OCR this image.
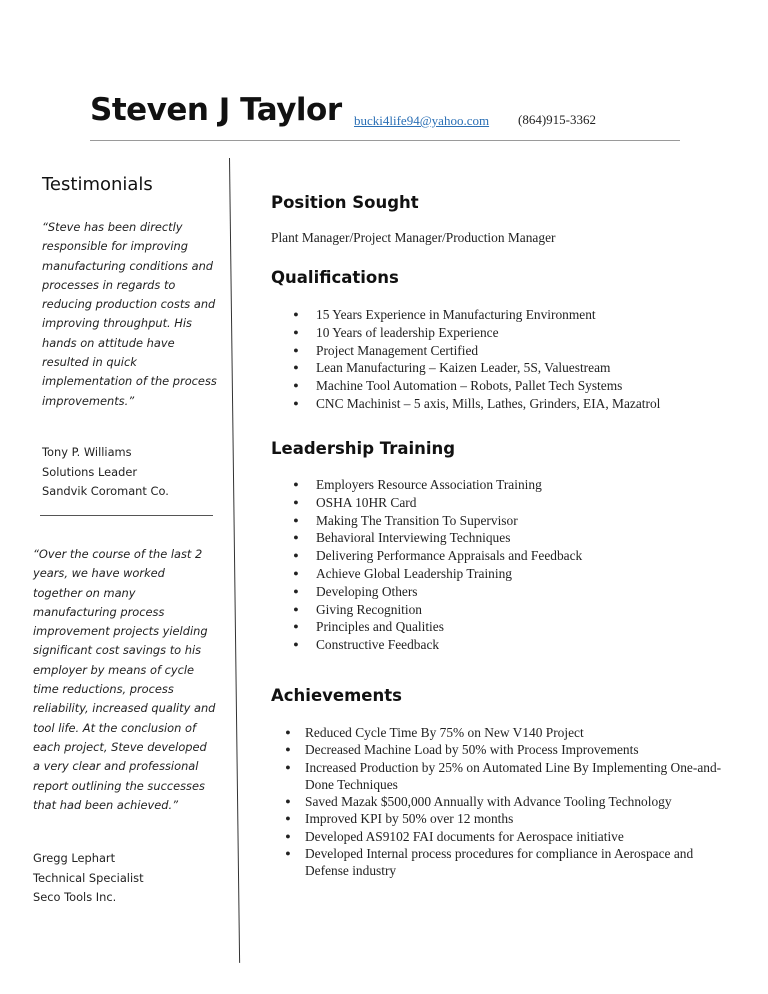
Steven J Taylor bucki4life94@yahoo.com (864)915-3362
Testimonials

“Steve has been directly responsible for improving manufacturing conditions and processes in regards to reducing production costs and improving throughput. His hands on attitude have resulted in quick implementation of the process improvements.”

Tony P. Williams
Solutions Leader
Sandvik Coromant Co.

“Over the course of the last 2 years, we have worked together on many manufacturing process improvement projects yielding significant cost savings to his employer by means of cycle time reductions, process reliability, increased quality and tool life. At the conclusion of each project, Steve developed a very clear and professional report outlining the successes that had been achieved.”

Gregg Lephart
Technical Specialist
Seco Tools Inc.
Position Sought
Plant Manager/Project Manager/Production Manager
Qualifications
● 15 Years Experience in Manufacturing Environment
● 10 Years of leadership Experience
● Project Management Certified
● Lean Manufacturing – Kaizen Leader, 5S, Valuestream
● Machine Tool Automation – Robots, Pallet Tech Systems
● CNC Machinist – 5 axis, Mills, Lathes, Grinders, EIA, Mazatrol
Leadership Training
● Employers Resource Association Training
● OSHA 10HR Card
● Making The Transition To Supervisor
● Behavioral Interviewing Techniques
● Delivering Performance Appraisals and Feedback
● Achieve Global Leadership Training
● Developing Others
● Giving Recognition
● Principles and Qualities
● Constructive Feedback
Achievements
● Reduced Cycle Time By 75% on New V140 Project
● Decreased Machine Load by 50% with Process Improvements
● Increased Production by 25% on Automated Line By Implementing One-and-Done Techniques
● Saved Mazak $500,000 Annually with Advance Tooling Technology
● Improved KPI by 50% over 12 months
● Developed AS9102 FAI documents for Aerospace initiative
● Developed Internal process procedures for compliance in Aerospace and Defense industry
